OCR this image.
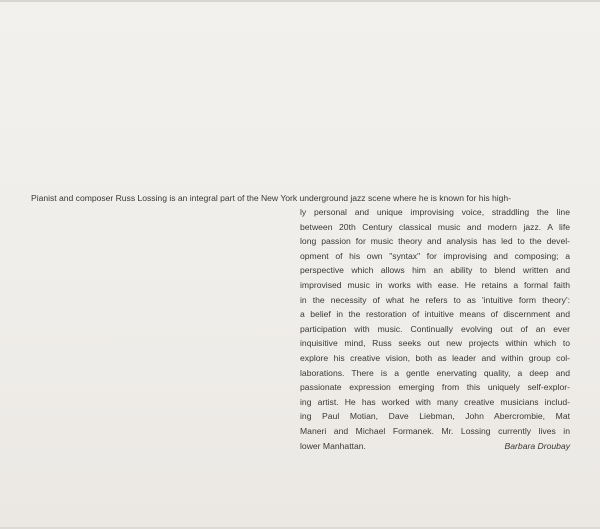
Pianist and composer Russ Lossing is an integral part of the New York underground jazz scene where he is known for his high-
ly personal and unique improvising voice, straddling the line
between 20th Century classical music and modern jazz. A life
long passion for music theory and analysis has led to the devel-
opment of his own "syntax" for improvising and composing; a
perspective which allows him an ability to blend written and
improvised music in works with ease. He retains a formal faith
in the necessity of what he refers to as 'intuitive form theory':
a belief in the restoration of intuitive means of discernment and
participation with music. Continually evolving out of an ever
inquisitive mind, Russ seeks out new projects within which to
explore his creative vision, both as leader and within group col-
laborations. There is a gentle enervating quality, a deep and
passionate expression emerging from this uniquely self-explor-
ing artist. He has worked with many creative musicians includ-
ing Paul Motian, Dave Liebman, John Abercrombie, Mat
Maneri and Michael Formanek. Mr. Lossing currently lives in
lower Manhattan.	Barbara Droubay
